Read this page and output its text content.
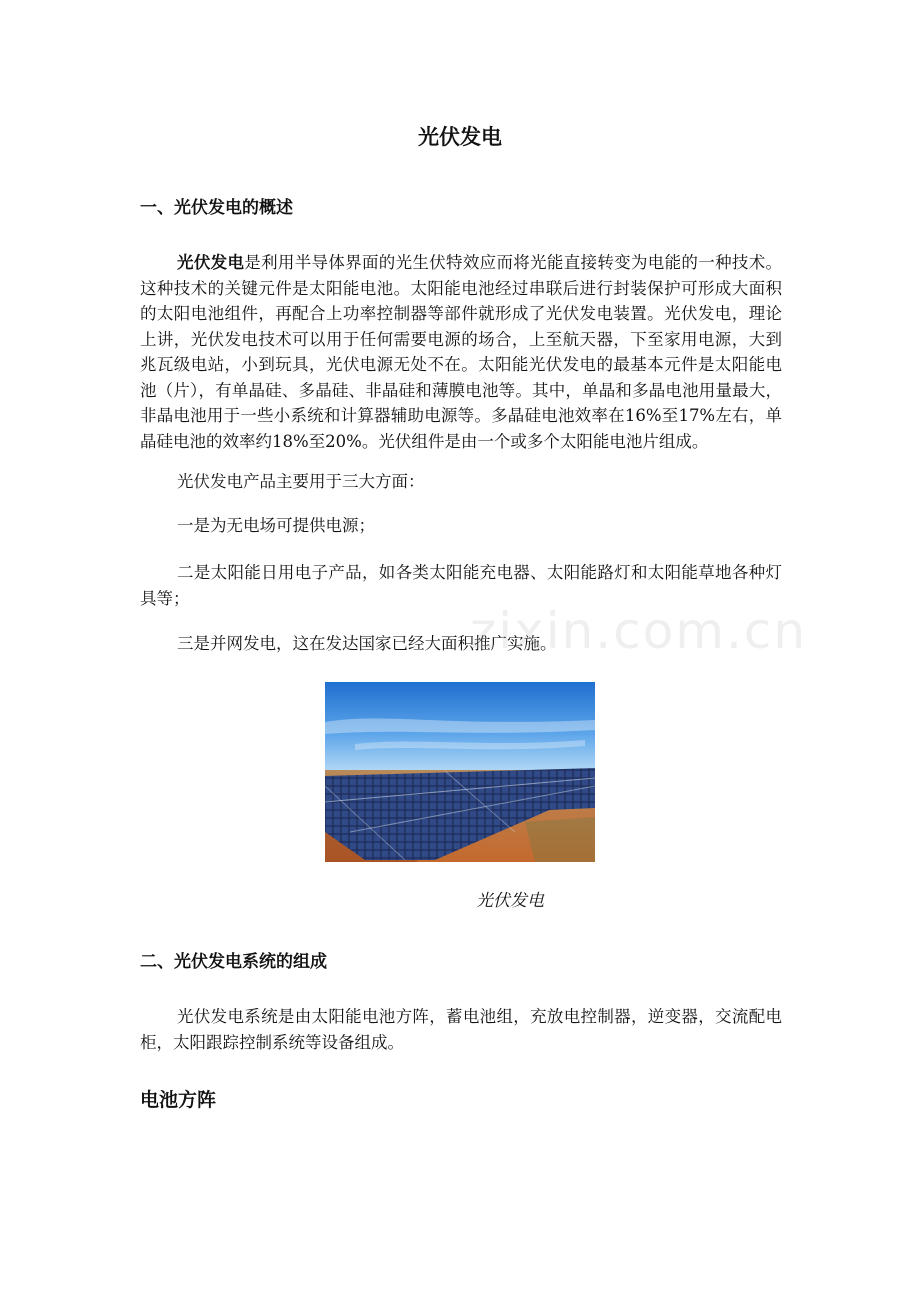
光伏发电
一、光伏发电的概述

光伏发电是利用半导体界面的光生伏特效应而将光能直接转变为电能的一种技术。这种技术的关键元件是太阳能电池。太阳能电池经过串联后进行封装保护可形成大面积的太阳电池组件，再配合上功率控制器等部件就形成了光伏发电装置。光伏发电，理论上讲，光伏发电技术可以用于任何需要电源的场合，上至航天器，下至家用电源，大到兆瓦级电站，小到玩具，光伏电源无处不在。太阳能光伏发电的最基本元件是太阳能电池（片），有单晶硅、多晶硅、非晶硅和薄膜电池等。其中，单晶和多晶电池用量最大，非晶电池用于一些小系统和计算器辅助电源等。多晶硅电池效率在16%至17%左右，单晶硅电池的效率约18%至20%。光伏组件是由一个或多个太阳能电池片组成。

光伏发电产品主要用于三大方面：

一是为无电场可提供电源；

二是太阳能日用电子产品，如各类太阳能充电器、太阳能路灯和太阳能草地各种灯具等；

三是并网发电，这在发达国家已经大面积推广实施。

光伏发电
二、光伏发电系统的组成

光伏发电系统是由太阳能电池方阵，蓄电池组，充放电控制器，逆变器，交流配电柜，太阳跟踪控制系统等设备组成。

电池方阵
zixin.com.cn
